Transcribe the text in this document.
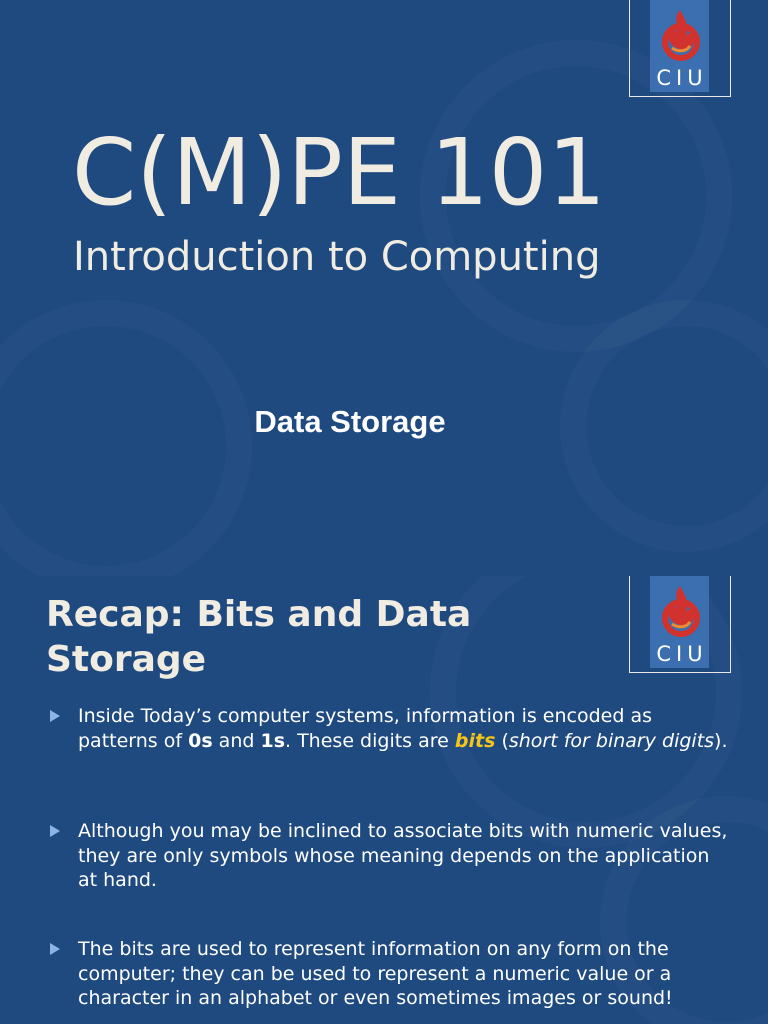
CIU
C(M)PE 101
Introduction to Computing
Data Storage
CIU
Recap: Bits and Data Storage
Inside Today’s computer systems, information is encoded as patterns of 0s and 1s. These digits are bits (short for binary digits).
Although you may be inclined to associate bits with numeric values, they are only symbols whose meaning depends on the application at hand.
The bits are used to represent information on any form on the computer; they can be used to represent a numeric value or a character in an alphabet or even sometimes images or sound!
